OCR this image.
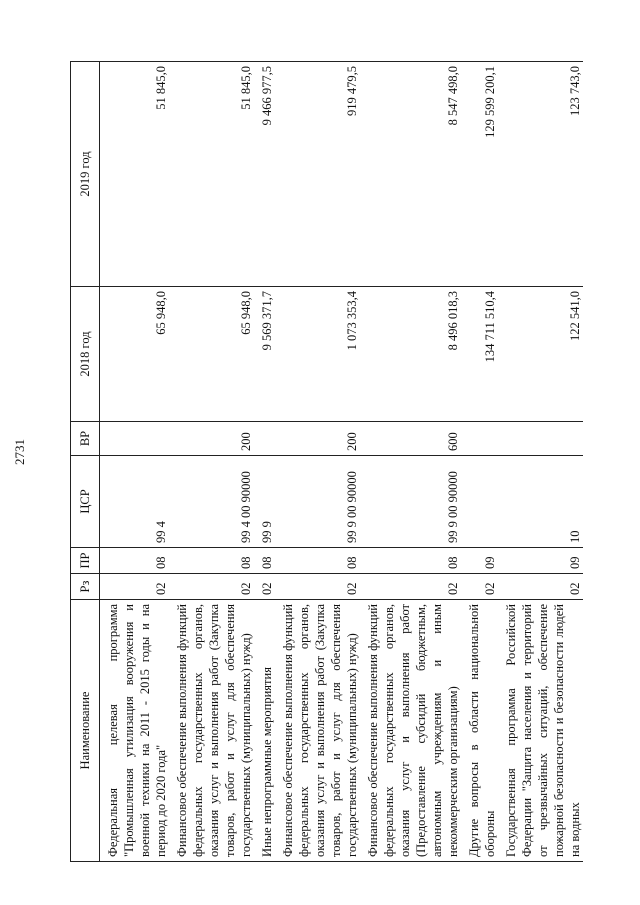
2731
Наименование	Рз	ПР	ЦСР	ВР	2018 год	2019 год
Федеральная целевая программа "Промышленная утилизация вооружения и военной техники на 2011 - 2015 годы и на период до 2020 года"	02	08	99 4		65 948,0	51 845,0
Финансовое обеспечение выполнения функций федеральных государственных органов, оказания услуг и выполнения работ (Закупка товаров, работ и услуг для обеспечения государственных (муниципальных) нужд)	02	08	99 4 00 90000	200	65 948,0	51 845,0
Иные непрограммные мероприятия	02	08	99 9		9 569 371,7	9 466 977,5
Финансовое обеспечение выполнения функций федеральных государственных органов, оказания услуг и выполнения работ (Закупка товаров, работ и услуг для обеспечения государственных (муниципальных) нужд)	02	08	99 9 00 90000	200	1 073 353,4	919 479,5
Финансовое обеспечение выполнения функций федеральных государственных органов, оказания услуг и выполнения работ (Предоставление субсидий бюджетным, автономным учреждениям и иным некоммерческим организациям)	02	08	99 9 00 90000	600	8 496 018,3	8 547 498,0
Другие вопросы в области национальной обороны	02	09			134 711 510,4	129 599 200,1
Государственная программа Российской Федерации "Защита населения и территорий от чрезвычайных ситуаций, обеспечение пожарной безопасности и безопасности людей на водных	02	09	10		122 541,0	123 743,0
